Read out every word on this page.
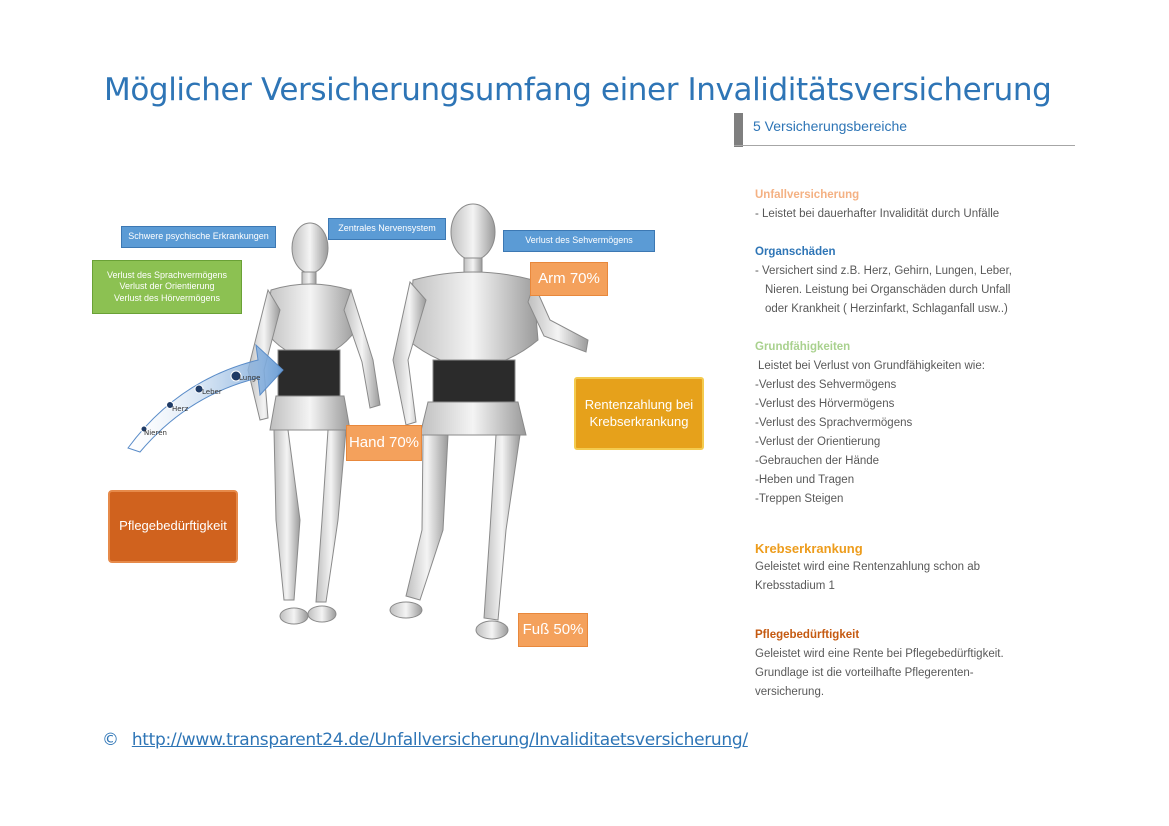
Möglicher Versicherungsumfang einer Invaliditätsversicherung
5 Versicherungsbereiche
Lunge
Leber
Herz
Nieren
Schwere psychische Erkrankungen
Zentrales Nervensystem
Verlust des Sehvermögens
Verlust des Sprachvermögens
Verlust der Orientierung
Verlust des Hörvermögens
Arm 70%
Hand 70%
Fuß 50%
Rentenzahlung bei
Krebserkrankung
Pflegebedürftigkeit
Unfallversicherung
- Leistet bei dauerhafter Invalidität durch Unfälle
Organschäden
- Versichert sind z.B. Herz, Gehirn, Lungen, Leber,
Nieren. Leistung bei Organschäden durch Unfall
oder Krankheit ( Herzinfarkt, Schlaganfall usw..)
Grundfähigkeiten
Leistet bei Verlust von Grundfähigkeiten wie:
-Verlust des Sehvermögens
-Verlust des Hörvermögens
-Verlust des Sprachvermögens
-Verlust der Orientierung
-Gebrauchen der Hände
-Heben und Tragen
-Treppen Steigen
Krebserkrankung
Geleistet wird eine Rentenzahlung schon ab
Krebsstadium 1
Pflegebedürftigkeit
Geleistet wird eine Rente bei Pflegebedürftigkeit.
Grundlage ist die vorteilhafte Pflegerenten-
versicherung.
© http://www.transparent24.de/Unfallversicherung/Invaliditaetsversicherung/
